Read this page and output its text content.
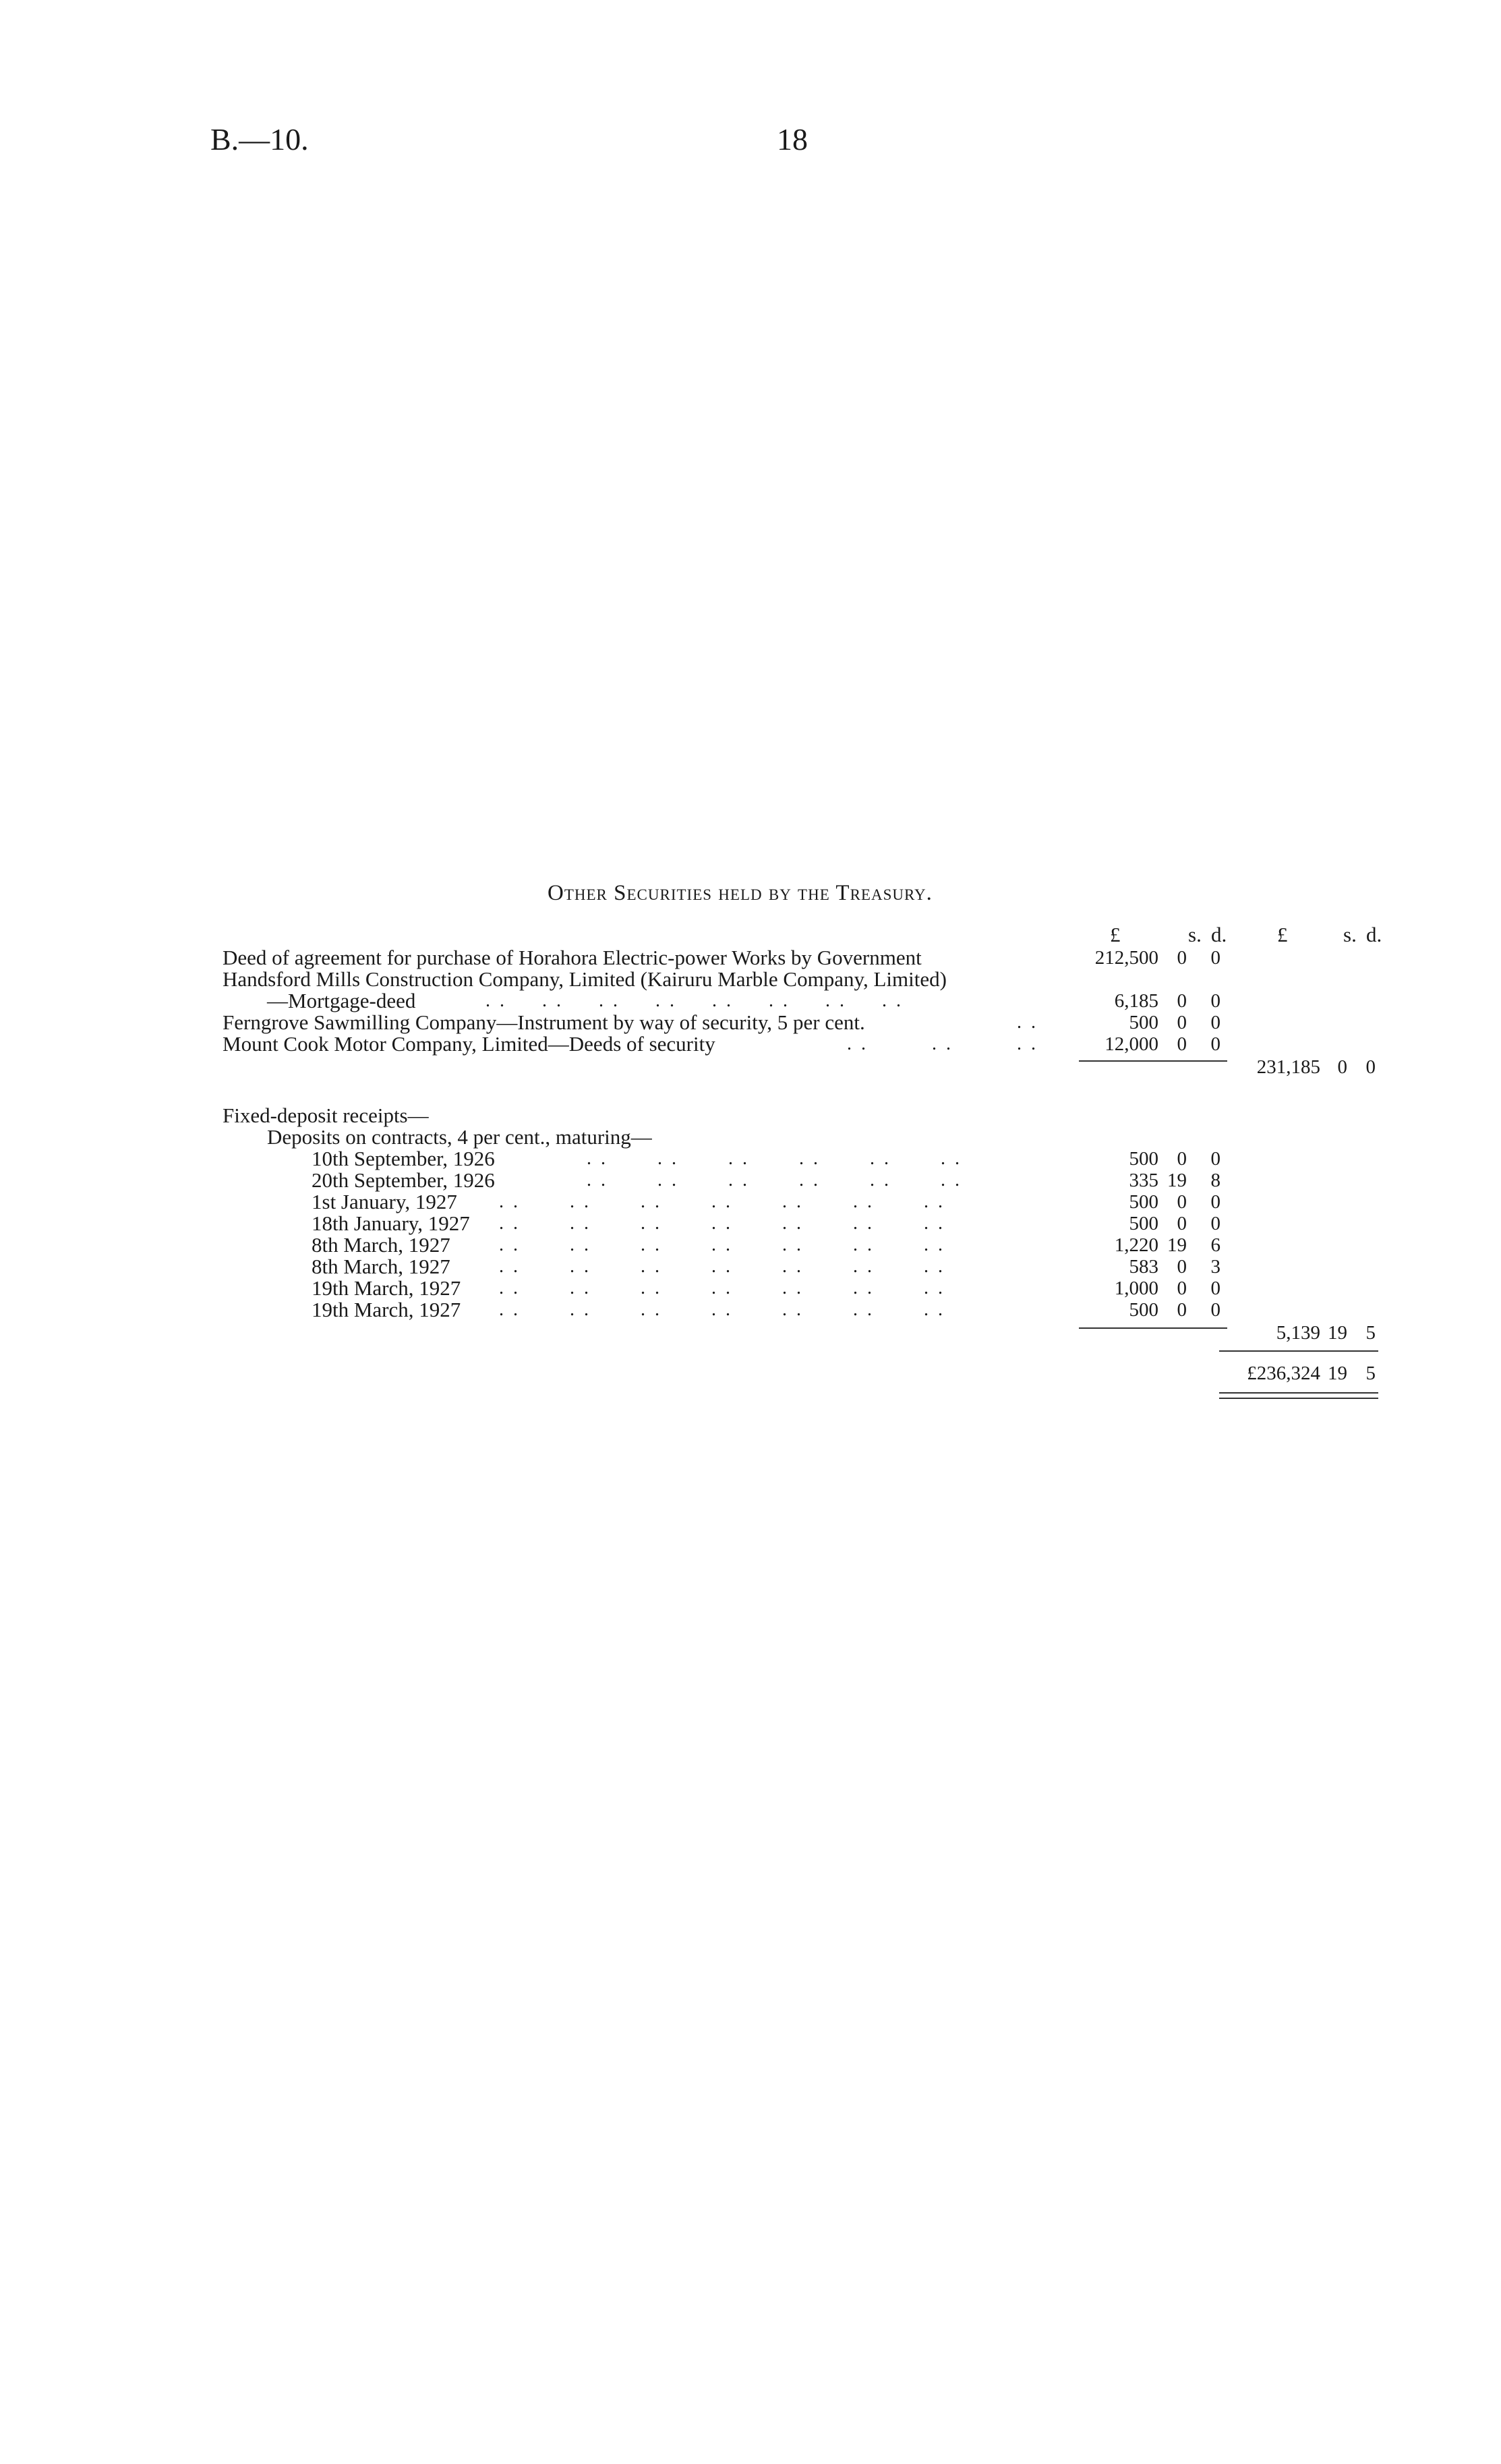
B.—10.	18
Other Securities held by the Treasury.
£	s. d. £	s. d.
Deed of agreement for purchase of Horahora Electric-power Works by Government	212,500 0	0
Handsford Mills Construction Company, Limited (Kairuru Marble Company, Limited)
—Mortgage-deed	..  ..  ..  ..  ..  ..  ..  ..	6,185 0	0
Ferngrove Sawmilling Company—Instrument by way of security, 5 per cent.	..	500 0	0
Mount Cook Motor Company, Limited—Deeds of security	..    ..    ..	12,000 0	0
231,185 0 0
Fixed-deposit receipts—
Deposits on contracts, 4 per cent., maturing—
10th September, 1926	..   ..   ..   ..   ..   ..	500 0	0
20th September, 1926	..   ..   ..   ..   ..   ..	335 19	8
1st January, 1927 ..   ..   ..   ..   ..   ..   ..	500 0	0
18th January, 1927 ..   ..   ..   ..   ..   ..   ..	500 0	0
8th March, 1927	..   ..   ..   ..   ..   ..   ..	1,220 19	6
8th March, 1927	..   ..   ..   ..   ..   ..   ..	583 0	3
19th March, 1927 ..   ..   ..   ..   ..   ..   ..	1,000 0	0
19th March, 1927 ..   ..   ..   ..   ..   ..   ..	500 0	0
5,139 19 5
£236,324 19 5
